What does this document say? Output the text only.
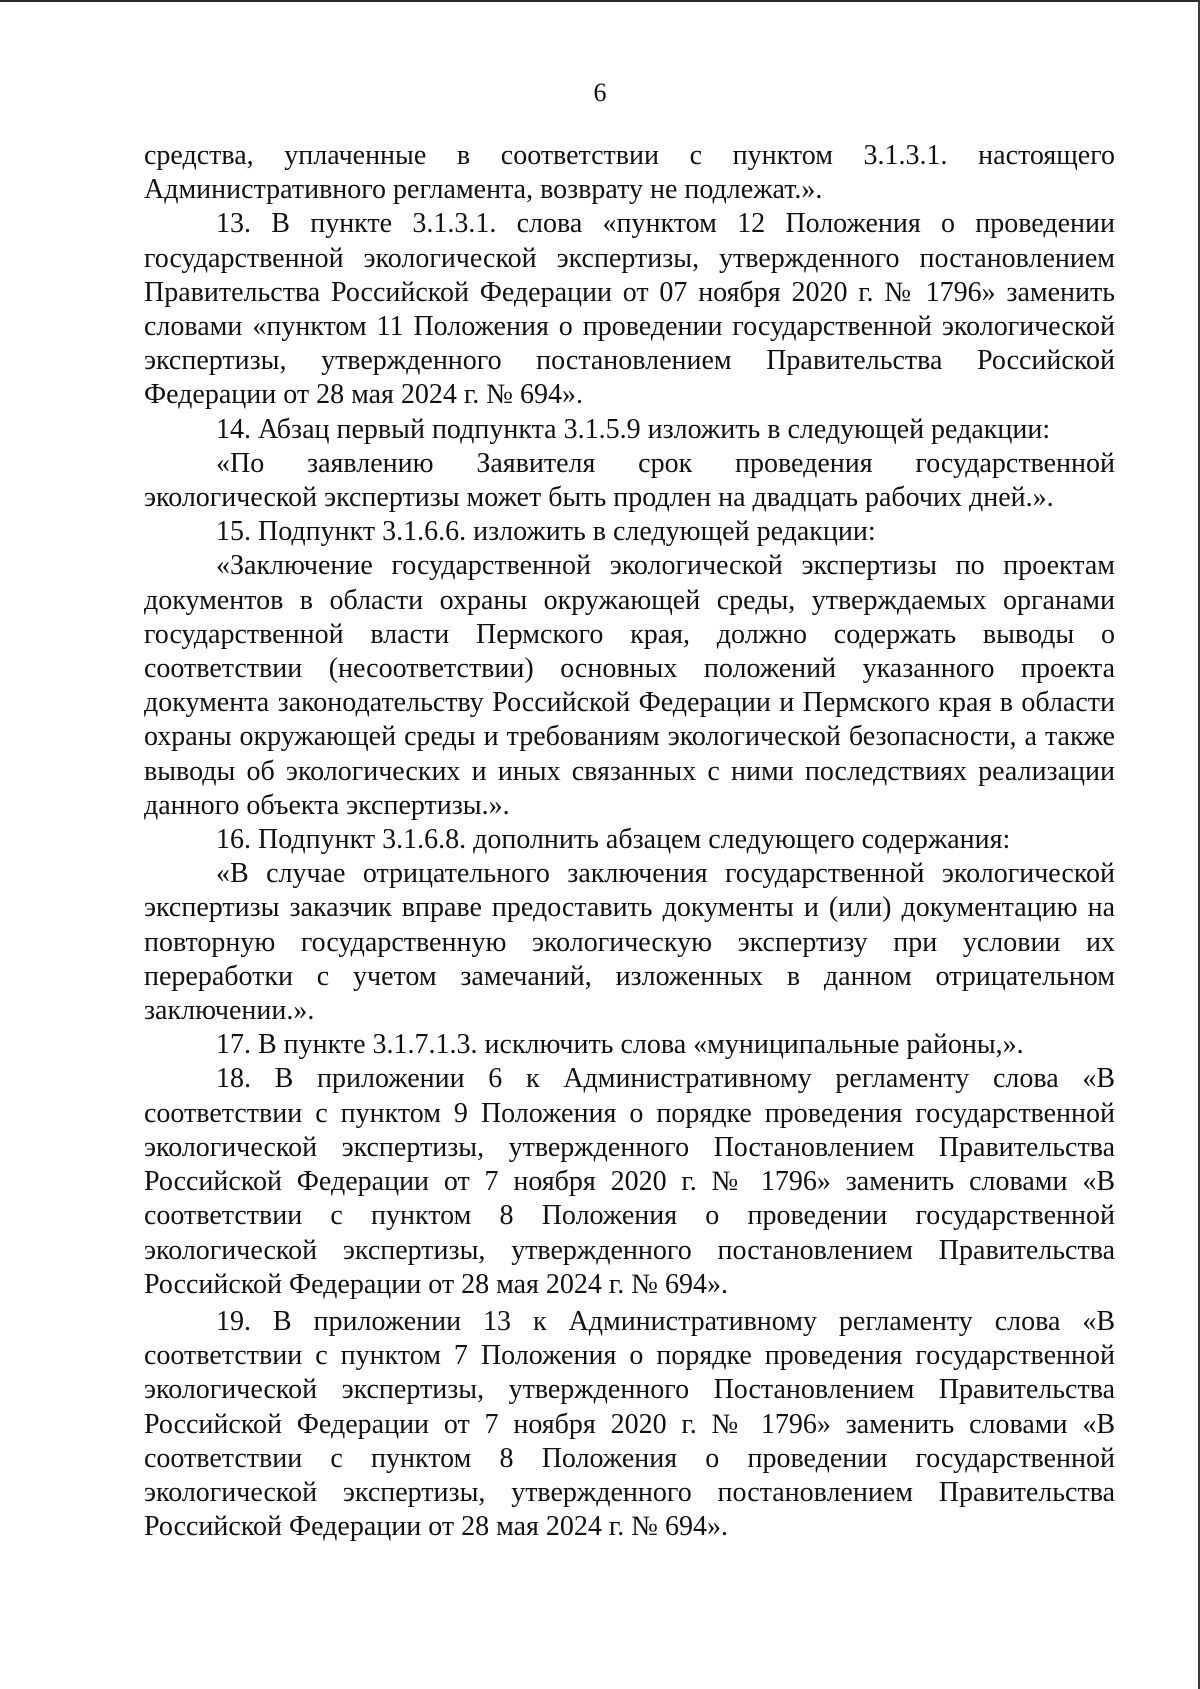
6

средства, уплаченные в соответствии с пунктом 3.1.3.1. настоящего Административного регламента, возврату не подлежат.».

13. В пункте 3.1.3.1. слова «пунктом 12 Положения о проведении государственной экологической экспертизы, утвержденного постановлением Правительства Российской Федерации от 07 ноября 2020 г. № 1796» заменить словами «пунктом 11 Положения о проведении государственной экологической экспертизы, утвержденного постановлением Правительства Российской Федерации от 28 мая 2024 г. № 694».

14. Абзац первый подпункта 3.1.5.9 изложить в следующей редакции:

«По заявлению Заявителя срок проведения государственной экологической экспертизы может быть продлен на двадцать рабочих дней.».

15. Подпункт 3.1.6.6. изложить в следующей редакции:

«Заключение государственной экологической экспертизы по проектам документов в области охраны окружающей среды, утверждаемых органами государственной власти Пермского края, должно содержать выводы о соответствии (несоответствии) основных положений указанного проекта документа законодательству Российской Федерации и Пермского края в области охраны окружающей среды и требованиям экологической безопасности, а также выводы об экологических и иных связанных с ними последствиях реализации данного объекта экспертизы.».

16. Подпункт 3.1.6.8. дополнить абзацем следующего содержания:

«В случае отрицательного заключения государственной экологической экспертизы заказчик вправе предоставить документы и (или) документацию на повторную государственную экологическую экспертизу при условии их переработки с учетом замечаний, изложенных в данном отрицательном заключении.».

17. В пункте 3.1.7.1.3. исключить слова «муниципальные районы,».

18. В приложении 6 к Административному регламенту слова «В соответствии с пунктом 9 Положения о порядке проведения государственной экологической экспертизы, утвержденного Постановлением Правительства Российской Федерации от 7 ноября 2020 г. № 1796» заменить словами «В соответствии с пунктом 8 Положения о проведении государственной экологической экспертизы, утвержденного постановлением Правительства Российской Федерации от 28 мая 2024 г. № 694».

19. В приложении 13 к Административному регламенту слова «В соответствии с пунктом 7 Положения о порядке проведения государственной экологической экспертизы, утвержденного Постановлением Правительства Российской Федерации от 7 ноября 2020 г. № 1796» заменить словами «В соответствии с пунктом 8 Положения о проведении государственной экологической экспертизы, утвержденного постановлением Правительства Российской Федерации от 28 мая 2024 г. № 694».
